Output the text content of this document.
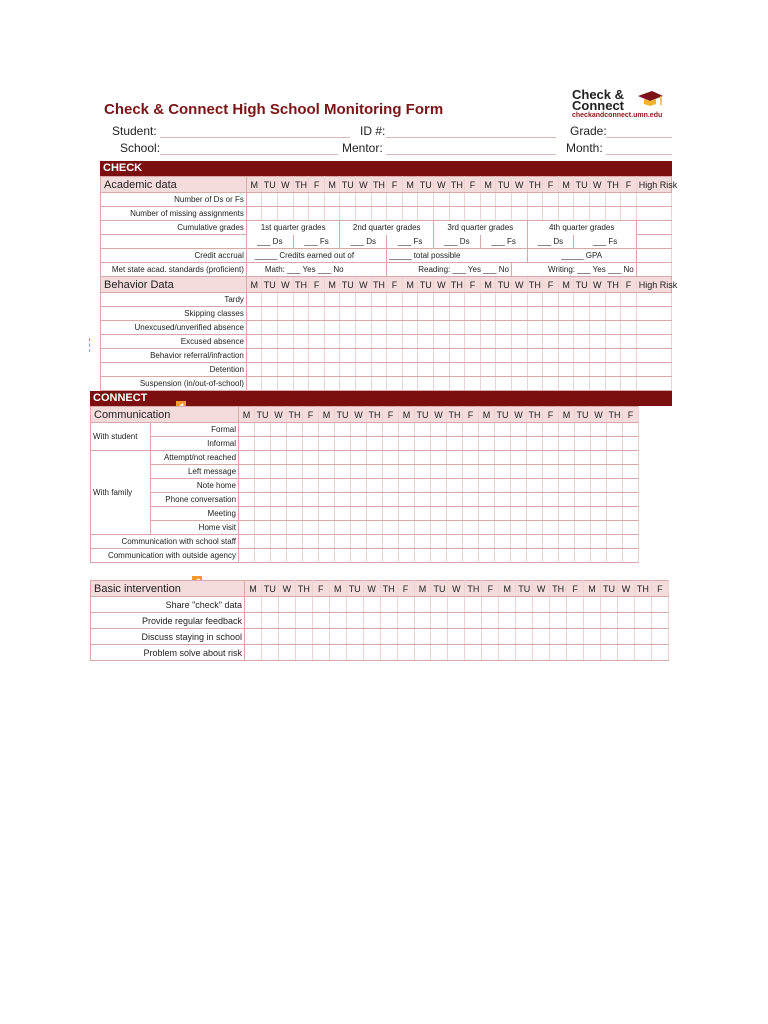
Check & Connect High School Monitoring Form
Check &
Connect
checkandconnect.umn.edu
Student:	ID #:	Grade:
School:	Mentor:	Month:
CHECK
Academic data	M	TU	W	TH	F	M	TU	W	TH	F	M	TU	W	TH	F	M	TU	W	TH	F	M	TU	W	TH	F	High Risk
Number of Ds or Fs																										
Number of missing assignments																										
Cumulative grades	1st quarter grades						2nd quarter grades						3rd quarter grades						4th quarter grades							
	___ Ds			___ Fs			___ Ds			___ Fs			___ Ds			___ Fs			___ Ds			___ Fs				
Credit accrual	_____ Credits earned out of									_____ total possible									_____ GPA							
Met state acad. standards (proficient)	Math: ___ Yes ___ No									Reading: ___ Yes ___ No								Writing: ___ Yes ___ No								
Behavior Data	M	TU	W	TH	F	M	TU	W	TH	F	M	TU	W	TH	F	M	TU	W	TH	F	M	TU	W	TH	F	High Risk
Tardy																										
Skipping classes																										
Unexcused/unverified absence																										
Excused absence																										
Behavior referral/infraction																										
Detention																										
Suspension (in/out-of-school)																										
CONNECT
Communication		M	TU	W	TH	F	M	TU	W	TH	F	M	TU	W	TH	F	M	TU	W	TH	F	M	TU	W	TH	F
With student	Formal																									
	Informal																									
With family	Attempt/not reached																									
	Left message																									
	Note home																									
	Phone conversation																									
	Meeting																									
	Home visit																									
Communication with school staff																										
Communication with outside agency																										
Basic intervention	M	TU	W	TH	F	M	TU	W	TH	F	M	TU	W	TH	F	M	TU	W	TH	F	M	TU	W	TH	F
Share "check" data																									
Provide regular feedback																									
Discuss staying in school																									
Problem solve about risk																									
